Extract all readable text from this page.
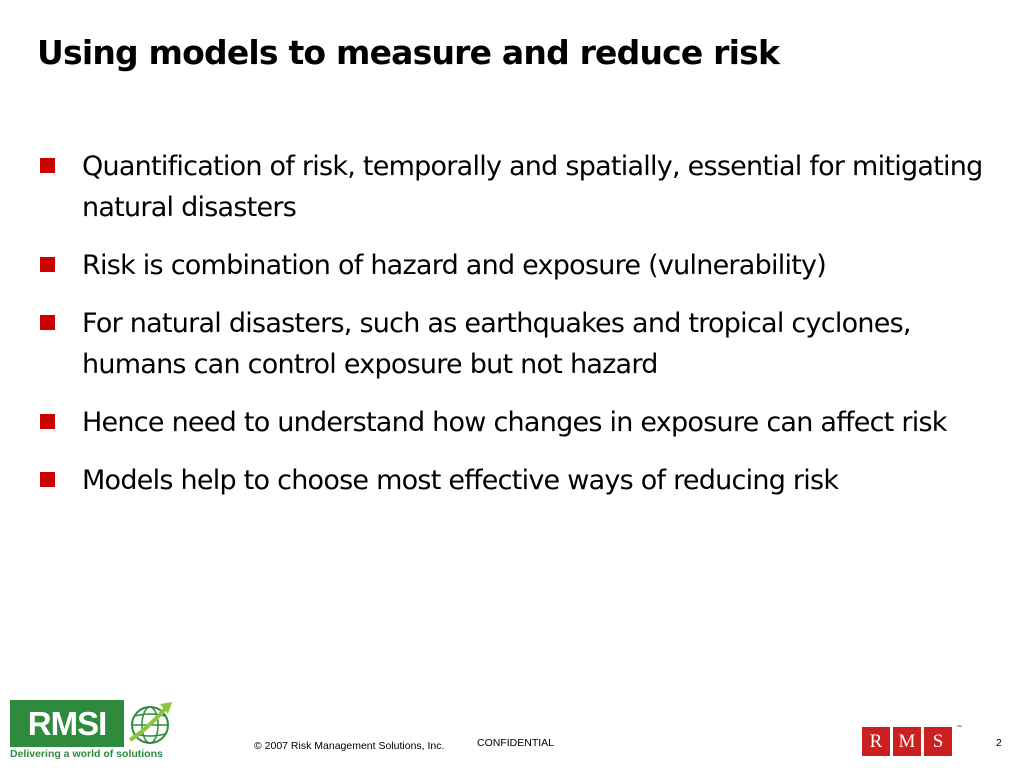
Using models to measure and reduce risk
Quantification of risk, temporally and spatially, essential for mitigating natural disasters
Risk is combination of hazard and exposure (vulnerability)
For natural disasters, such as earthquakes and tropical cyclones, humans can control exposure but not hazard
Hence need to understand how changes in exposure can affect risk
Models help to choose most effective ways of reducing risk
RMSI
Delivering a world of solutions
© 2007 Risk Management Solutions, Inc.	CONFIDENTIAL	R M S
™
2
